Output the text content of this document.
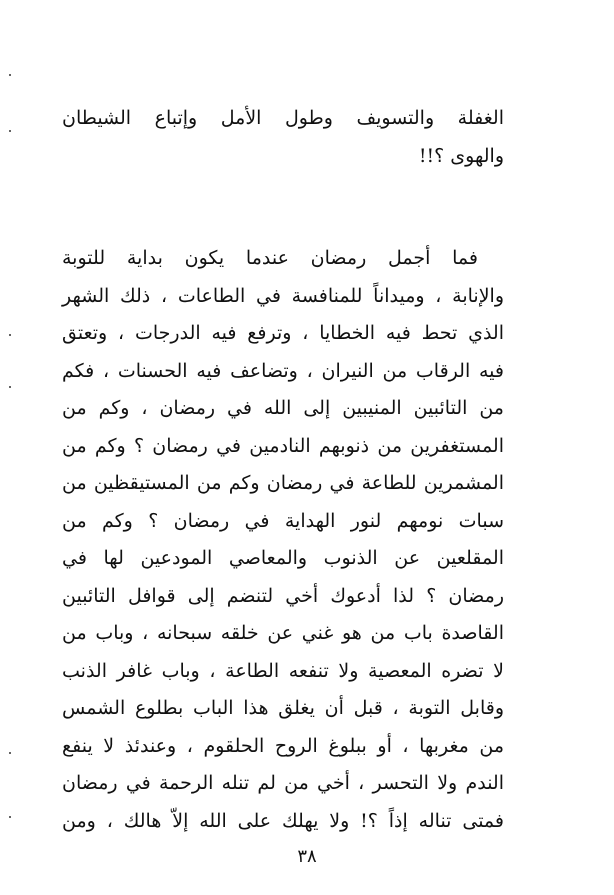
الغفلة والتسويف وطول الأمل وإتباع الشيطان
والهوى ؟!!
فما أجمل رمضان عندما يكون بداية للتوبة
والإنابة ، وميداناً للمنافسة في الطاعات ، ذلك الشهر
الذي تحط فيه الخطايا ، وترفع فيه الدرجات ، وتعتق
فيه الرقاب من النيران ، وتضاعف فيه الحسنات ، فكم
من التائبين المنيبين إلى الله في رمضان ، وكم من
المستغفرين من ذنوبهم النادمين في رمضان ؟ وكم من
المشمرين للطاعة في رمضان وكم من المستيقظين من
سبات نومهم لنور الهداية في رمضان ؟ وكم من
المقلعين عن الذنوب والمعاصي المودعين لها في
رمضان ؟ لذا أدعوك أخي لتنضم إلى قوافل التائبين
القاصدة باب من هو غني عن خلقه سبحانه ، وباب من
لا تضره المعصية ولا تنفعه الطاعة ، وباب غافر الذنب
وقابل التوبة ، قبل أن يغلق هذا الباب بطلوع الشمس
من مغربها ، أو ببلوغ الروح الحلقوم ، وعندئذ لا ينفع
الندم ولا التحسر ، أخي من لم تنله الرحمة في رمضان
فمتى تناله إذاً ؟! ولا يهلك على الله إلاّ هالك ، ومن
٣٨
